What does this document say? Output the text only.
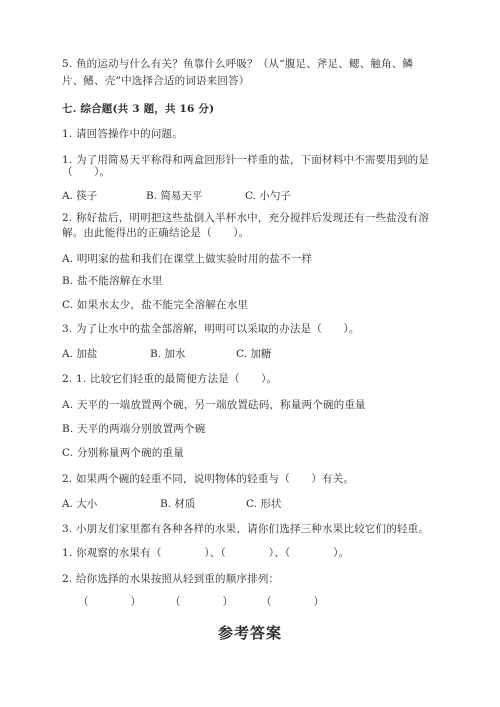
5. 鱼的运动与什么有关？鱼靠什么呼吸？（从“腹足、斧足、鳃、触角、鳞
片、鳍、壳”中选择合适的词语来回答）
七. 综合题(共 3 题，共 16 分)
1. 请回答操作中的问题。
1. 为了用简易天平称得和两盒回形针一样重的盐，下面材料中不需要用到的是
（　　）。
A. 筷子	B. 简易天平	C. 小勺子
2. 称好盐后，明明把这些盐倒入半杯水中，充分搅拌后发现还有一些盐没有溶
解。由此能得出的正确结论是（　　）。
A. 明明家的盐和我们在课堂上做实验时用的盐不一样
B. 盐不能溶解在水里
C. 如果水太少，盐不能完全溶解在水里
3. 为了让水中的盐全部溶解，明明可以采取的办法是（　　）。
A. 加盐	B. 加水	C. 加糖
2. 1. 比较它们轻重的最简便方法是（　　）。
A. 天平的一端放置两个碗，另一端放置砝码，称量两个碗的重量
B. 天平的两端分别放置两个碗
C. 分别称量两个碗的重量
2. 如果两个碗的轻重不同，说明物体的轻重与（　　）有关。
A. 大小	B. 材质	C. 形状
3. 小朋友们家里都有各种各样的水果，请你们选择三种水果比较它们的轻重。
1. 你观察的水果有（　　　　）、（　　　　）、（　　　　）。
2. 给你选择的水果按照从轻到重的顺序排列：
（　　　　）	（　　　　）	（　　　　）
参考答案
